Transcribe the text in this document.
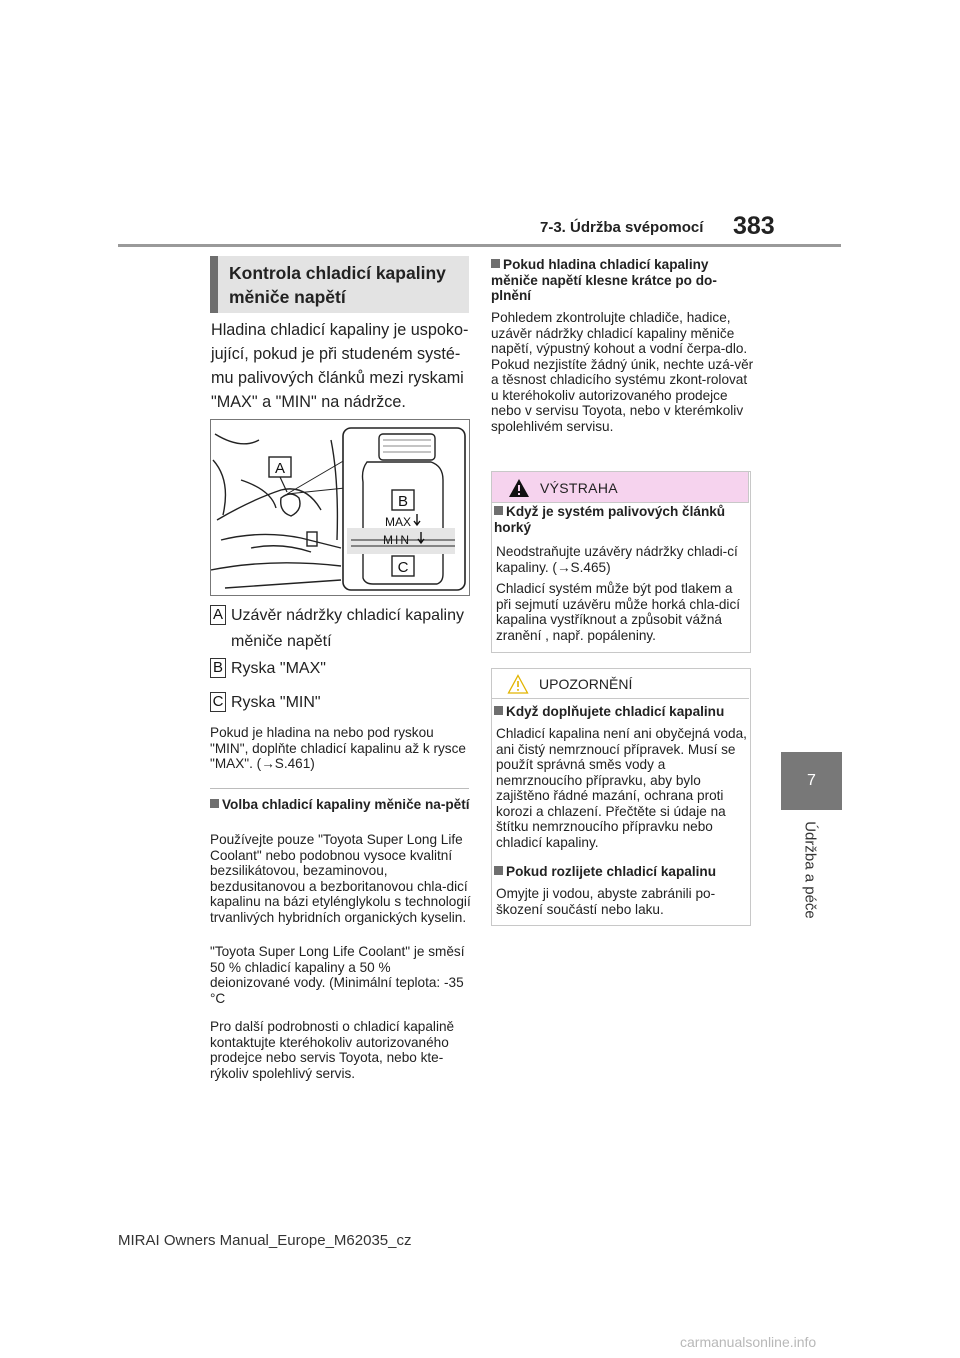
7-3. Údržba svépomocí 383
7
Údržba a péče
Kontrola chladicí kapaliny měniče napětí
Hladina chladicí kapaliny je uspoko-jující, pokud je při studeném systé-mu palivových článků mezi ryskami "MAX" a "MIN" na nádržce.
A
B
MAX
MIN
C
A Uzávěr nádržky chladicí kapaliny měniče napětí
B Ryska "MAX"
C Ryska "MIN"
Pokud je hladina na nebo pod ryskou "MIN", doplňte chladicí kapalinu až k rysce "MAX". (→S.461)
Volba chladicí kapaliny měniče na-pětí
Používejte pouze "Toyota Super Long Life Coolant" nebo podobnou vysoce kvalitní bezsilikátovou, bezaminovou, bezdusitanovou a bezboritanovou chla-dicí kapalinu na bázi etylénglykolu s technologií trvanlivých hybridních organických kyselin.
"Toyota Super Long Life Coolant" je směsí 50 % chladicí kapaliny a 50 % deionizované vody. (Minimální teplota: -35 °C
Pro další podrobnosti o chladicí kapalině kontaktujte kteréhokoliv autorizovaného prodejce nebo servis Toyota, nebo kte-rýkoliv spolehlivý servis.
Pokud hladina chladicí kapaliny měniče napětí klesne krátce po do-plnění
Pohledem zkontrolujte chladiče, hadice, uzávěr nádržky chladicí kapaliny měniče napětí, výpustný kohout a vodní čerpa-dlo. Pokud nezjistíte žádný únik, nechte uzá-věr a těsnost chladicího systému zkont-rolovat u kteréhokoliv autorizovaného prodejce nebo v servisu Toyota, nebo v kterémkoliv spolehlivém servisu.
VÝSTRAHA
Když je systém palivových článků horký
Neodstraňujte uzávěry nádržky chladi-cí kapaliny. (→S.465)
Chladicí systém může být pod tlakem a při sejmutí uzávěru může horká chla-dicí kapalina vystříknout a způsobit vážná zranění , např. popáleniny.
UPOZORNĚNÍ
Když doplňujete chladicí kapalinu
Chladicí kapalina není ani obyčejná voda, ani čistý nemrznoucí přípravek. Musí se použít správná směs vody a nemrznoucího přípravku, aby bylo zajištěno řádné mazání, ochrana proti korozi a chlazení. Přečtěte si údaje na štítku nemrznoucího přípravku nebo chladicí kapaliny.
Pokud rozlijete chladicí kapalinu
Omyjte ji vodou, abyste zabránili po-škození součástí nebo laku.
MIRAI Owners Manual_Europe_M62035_cz
carmanualsonline.info
